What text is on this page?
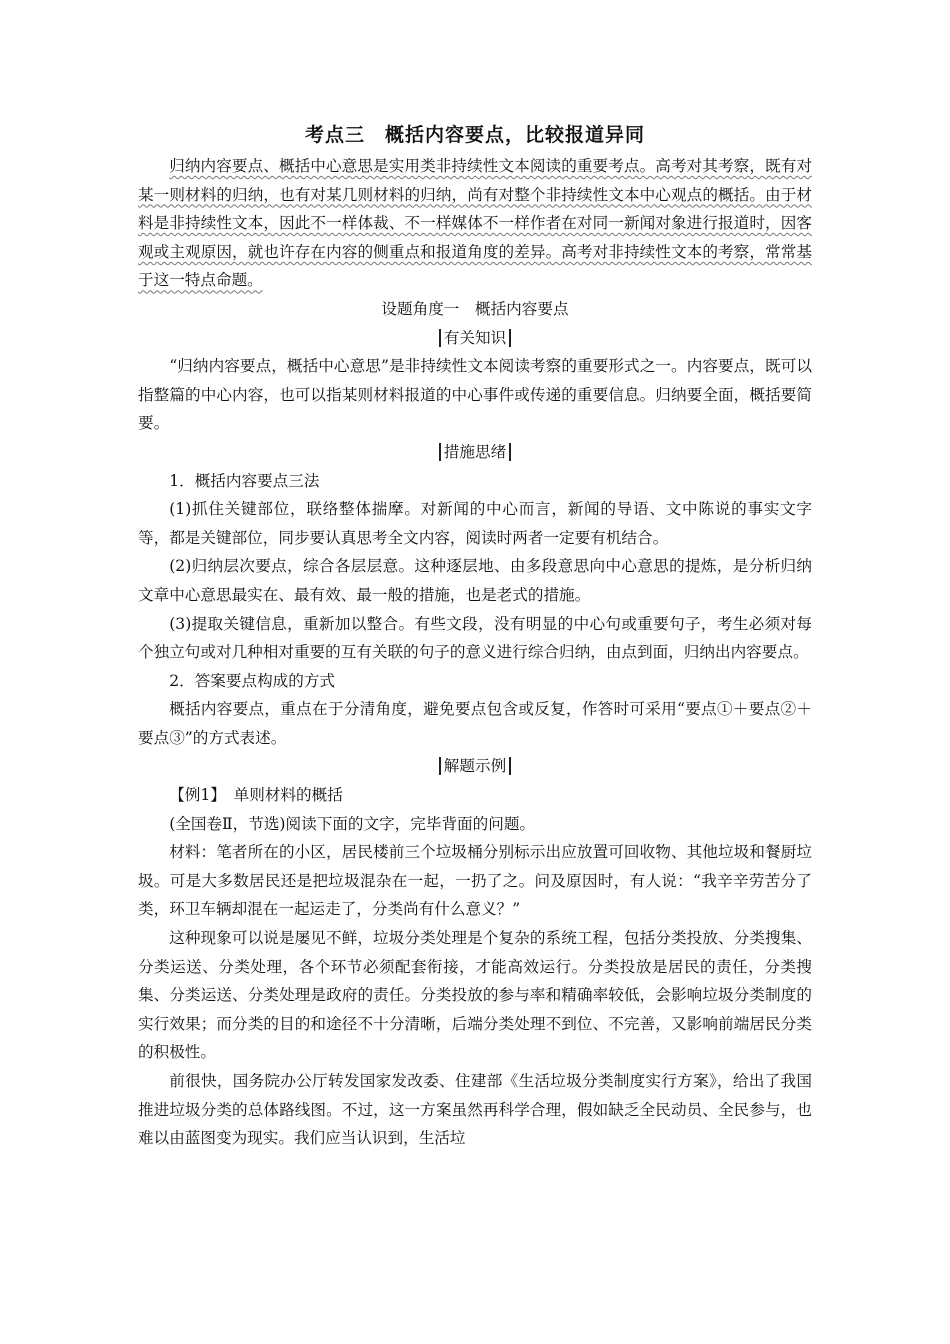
考点三　概括内容要点，比较报道异同

归纳内容要点、概括中心意思是实用类非持续性文本阅读的重要考点。高考对其考察，既有对某一则材料的归纳，也有对某几则材料的归纳，尚有对整个非持续性文本中心观点的概括。由于材料是非持续性文本，因此不一样体裁、不一样媒体不一样作者在对同一新闻对象进行报道时，因客观或主观原因，就也许存在内容的侧重点和报道角度的差异。高考对非持续性文本的考察，常常基于这一特点命题。

设题角度一　概括内容要点

有关知识

“归纳内容要点，概括中心意思”是非持续性文本阅读考察的重要形式之一。内容要点，既可以指整篇的中心内容，也可以指某则材料报道的中心事件或传递的重要信息。归纳要全面，概括要简要。

措施思绪

1．概括内容要点三法

(1)抓住关键部位，联络整体揣摩。对新闻的中心而言，新闻的导语、文中陈说的事实文字等，都是关键部位，同步要认真思考全文内容，阅读时两者一定要有机结合。

(2)归纳层次要点，综合各层层意。这种逐层地、由多段意思向中心意思的提炼，是分析归纳文章中心意思最实在、最有效、最一般的措施，也是老式的措施。

(3)提取关键信息，重新加以整合。有些文段，没有明显的中心句或重要句子，考生必须对每个独立句或对几种相对重要的互有关联的句子的意义进行综合归纳，由点到面，归纳出内容要点。

2．答案要点构成的方式

概括内容要点，重点在于分清角度，避免要点包含或反复，作答时可采用“要点①＋要点②＋要点③”的方式表述。

解题示例

【例1】　单则材料的概括

(全国卷Ⅱ，节选)阅读下面的文字，完毕背面的问题。

材料：笔者所在的小区，居民楼前三个垃圾桶分别标示出应放置可回收物、其他垃圾和餐厨垃圾。可是大多数居民还是把垃圾混杂在一起，一扔了之。问及原因时，有人说：“我辛辛劳苦分了类，环卫车辆却混在一起运走了，分类尚有什么意义？”

这种现象可以说是屡见不鲜，垃圾分类处理是个复杂的系统工程，包括分类投放、分类搜集、分类运送、分类处理，各个环节必须配套衔接，才能高效运行。分类投放是居民的责任，分类搜集、分类运送、分类处理是政府的责任。分类投放的参与率和精确率较低，会影响垃圾分类制度的实行效果；而分类的目的和途径不十分清晰，后端分类处理不到位、不完善，又影响前端居民分类的积极性。

前很快，国务院办公厅转发国家发改委、住建部《生活垃圾分类制度实行方案》，给出了我国推进垃圾分类的总体路线图。不过，这一方案虽然再科学合理，假如缺乏全民动员、全民参与，也难以由蓝图变为现实。我们应当认识到，生活垃
